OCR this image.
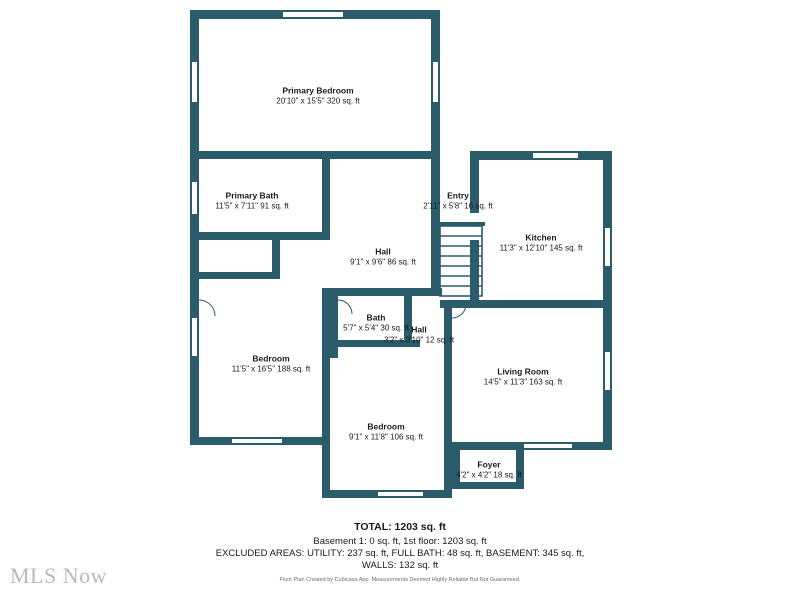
Primary Bedroom
20'10" x 15'5" 320 sq. ft
Primary Bath
11'5" x 7'11" 91 sq. ft
Entry
2'11" x 5'8" 16 sq. ft
Kitchen
11'3" x 12'10" 145 sq. ft
Hall
9'1" x 9'6" 86 sq. ft
Bath
5'7" x 5'4" 30 sq. ft Hall
3'2" x 3'10" 12 sq. ft
Bedroom
11'5" x 16'5" 188 sq. ft	Living Room
14'5" x 11'3" 163 sq. ft
Bedroom
9'1" x 11'8" 106 sq. ft
Foyer
4'2" x 4'2" 18 sq. ft
TOTAL: 1203 sq. ft
Basement 1: 0 sq. ft, 1st floor: 1203 sq. ft
EXCLUDED AREAS: UTILITY: 237 sq. ft, FULL BATH: 48 sq. ft, BASEMENT: 345 sq. ft,
WALLS: 132 sq. ft
Floor Plan Created by Cubicasa App. Measurements Deemed Highly Reliable But Not Guaranteed.
MLS Now
